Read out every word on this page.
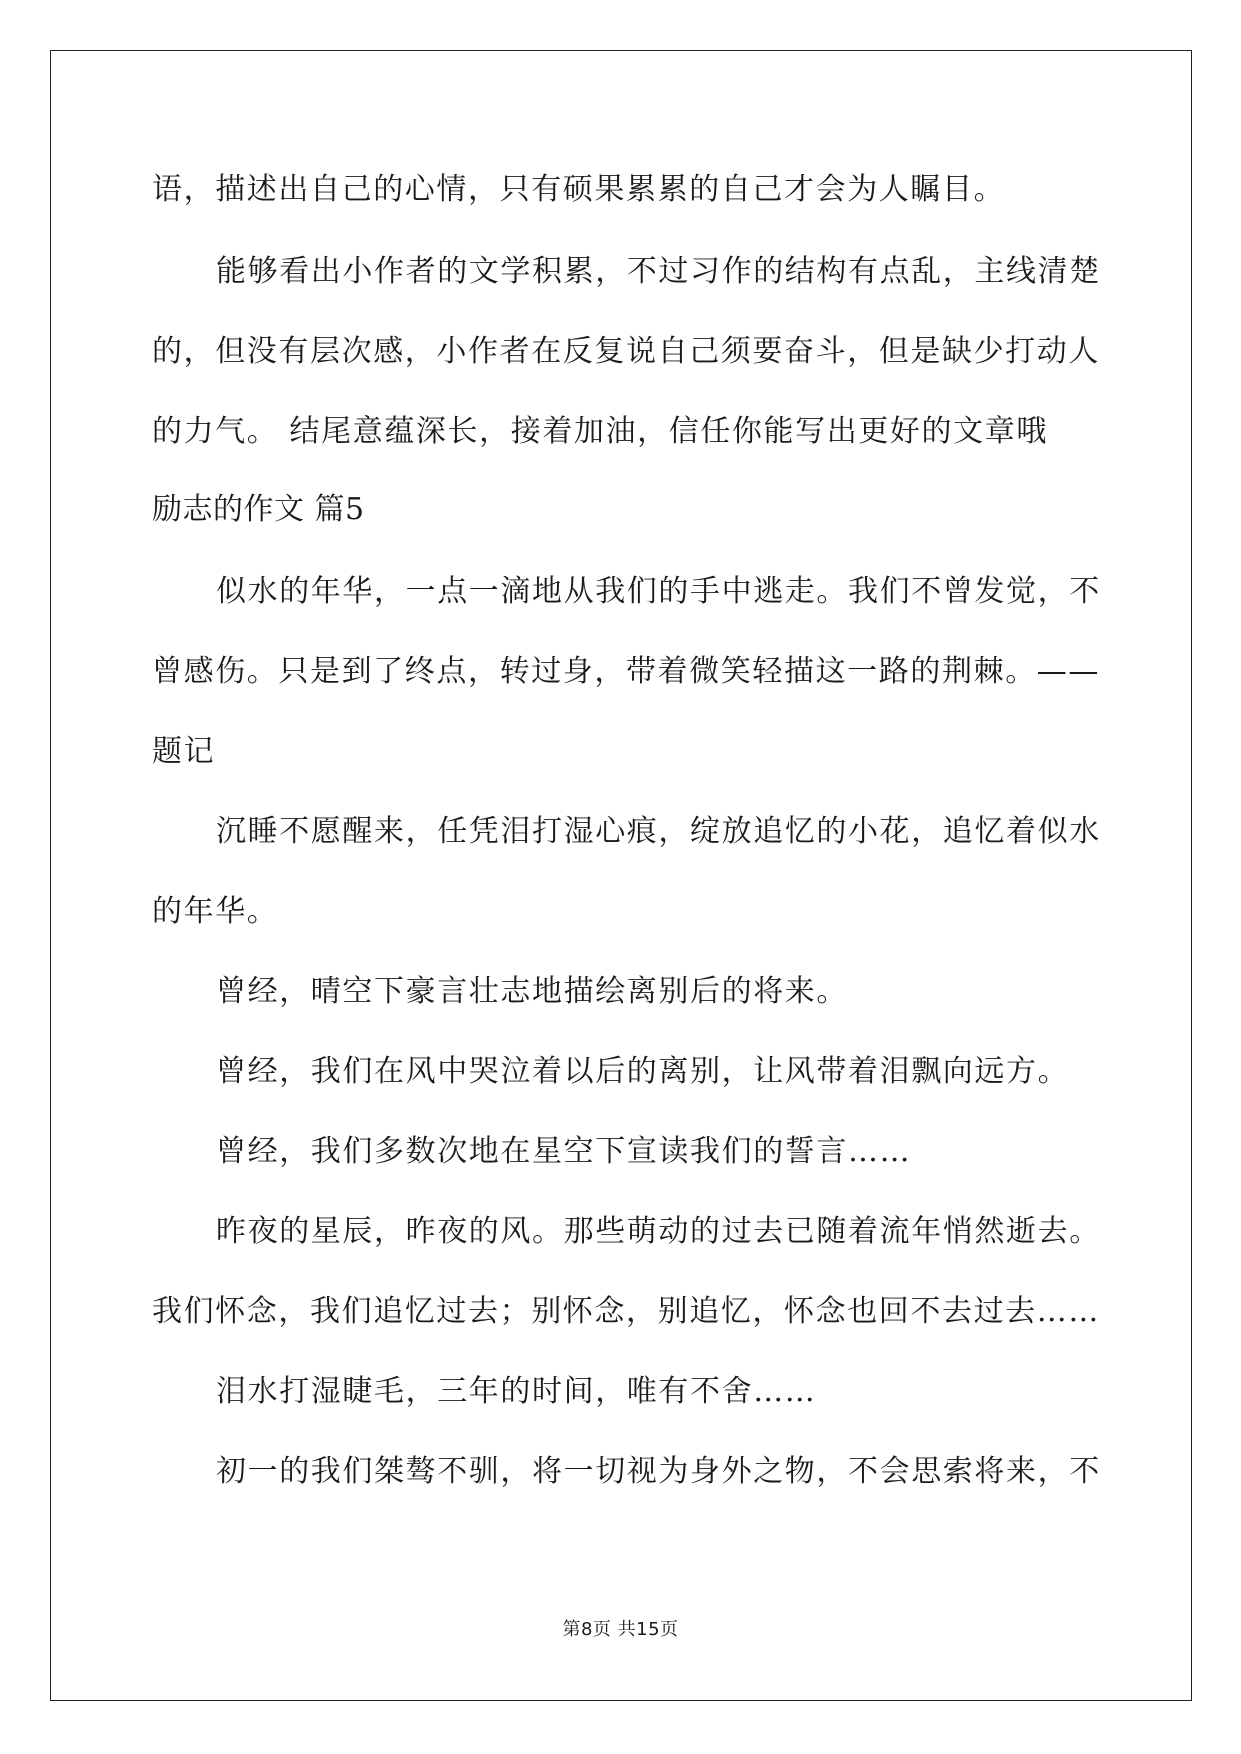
语，描述出自己的心情，只有硕果累累的自己才会为人瞩目。
能够看出小作者的文学积累，不过习作的结构有点乱，主线清楚
的，但没有层次感，小作者在反复说自己须要奋斗，但是缺少打动人
的力气。 结尾意蕴深长，接着加油，信任你能写出更好的文章哦
励志的作文 篇5
似水的年华，一点一滴地从我们的手中逃走。我们不曾发觉，不
曾感伤。只是到了终点，转过身，带着微笑轻描这一路的荆棘。——
题记
沉睡不愿醒来，任凭泪打湿心痕，绽放追忆的小花，追忆着似水
的年华。
曾经，晴空下豪言壮志地描绘离别后的将来。
曾经，我们在风中哭泣着以后的离别，让风带着泪飘向远方。
曾经，我们多数次地在星空下宣读我们的誓言……
昨夜的星辰，昨夜的风。那些萌动的过去已随着流年悄然逝去。
我们怀念，我们追忆过去；别怀念，别追忆，怀念也回不去过去……
泪水打湿睫毛，三年的时间，唯有不舍……
初一的我们桀骜不驯，将一切视为身外之物，不会思索将来，不
第8页 共15页
